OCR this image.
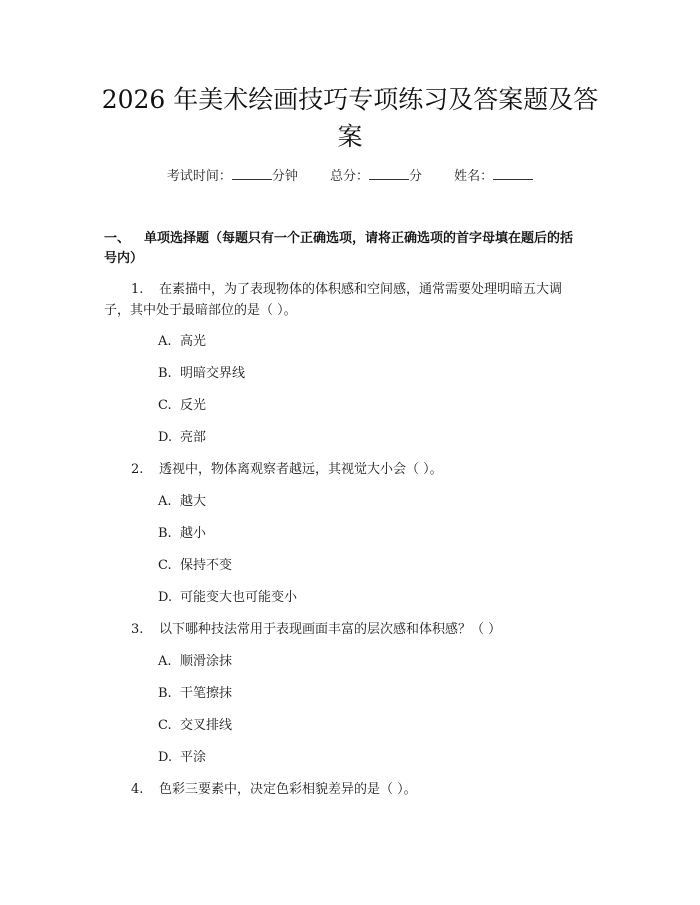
2026 年美术绘画技巧专项练习及答案题及答
案
考试时间：	分钟 总分：	分 姓名：
一、 单项选择题（每题只有一个正确选项，请将正确选项的首字母填在题后的括
号内）
1. 在素描中，为了表现物体的体积感和空间感，通常需要处理明暗五大调
子，其中处于最暗部位的是（ ）。
A. 高光
B. 明暗交界线
C. 反光
D. 亮部
2. 透视中，物体离观察者越远，其视觉大小会（ ）。
A. 越大
B. 越小
C. 保持不变
D. 可能变大也可能变小
3. 以下哪种技法常用于表现画面丰富的层次感和体积感？（ ）
A. 顺滑涂抹
B. 干笔擦抹
C. 交叉排线
D. 平涂
4. 色彩三要素中，决定色彩相貌差异的是（ ）。
